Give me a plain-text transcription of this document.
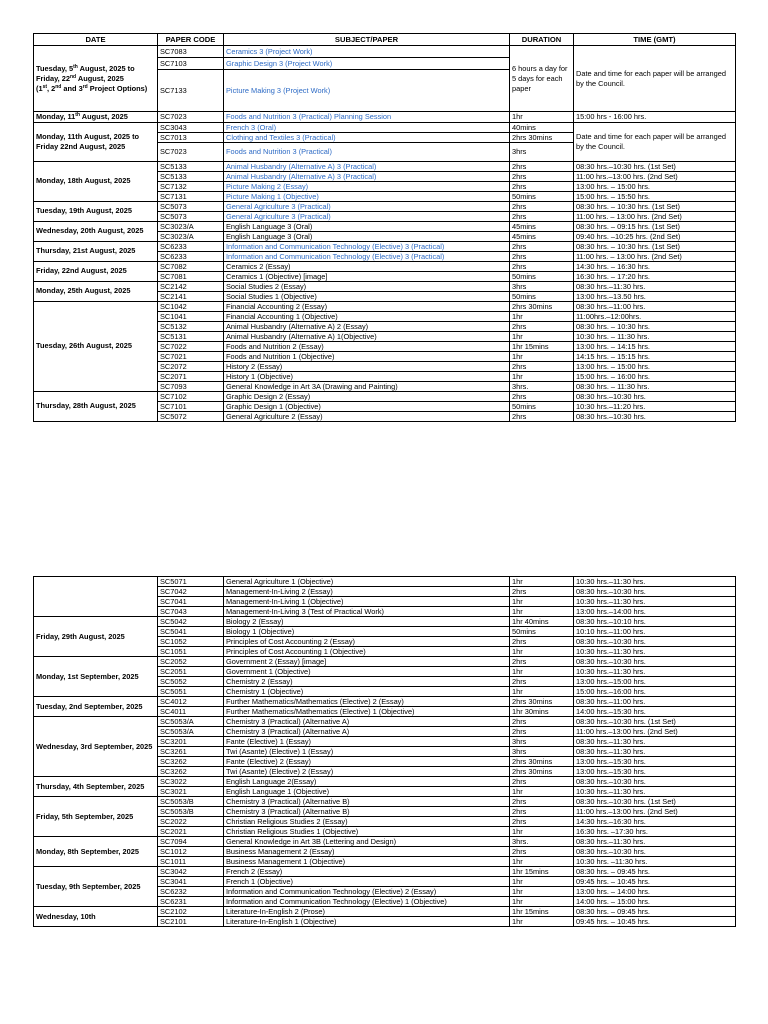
DATE	PAPER CODE	SUBJECT/PAPER	DURATION	TIME (GMT)
Tuesday, 5th August, 2025 to Friday, 22nd August, 2025
(1st, 2nd and 3rd Project Options)	SC7083	Ceramics 3 (Project Work)	6 hours a day for 5 days for each paper	Date and time for each paper will be arranged by the Council.
	SC7103	Graphic Design 3 (Project Work)		
	SC7133	Picture Making 3 (Project Work)		
Monday, 11th August, 2025	SC7023	Foods and Nutrition 3 (Practical) Planning Session	1hr	15:00 hrs - 16:00 hrs.
Monday, 11th August, 2025 to Friday 22nd August, 2025	SC3043	French 3 (Oral)	40mins	Date and time for each paper will be arranged by the Council.
	SC7013	Clothing and Textiles 3 (Practical)	2hrs 30mins	
	SC7023	Foods and Nutrition 3 (Practical)	3hrs	
Monday, 18th August, 2025	SC5133	Animal Husbandry (Alternative A) 3 (Practical)	2hrs	08:30 hrs.–10:30 hrs. (1st Set)
	SC5133	Animal Husbandry (Alternative A) 3 (Practical)	2hrs	11:00 hrs.–13:00 hrs. (2nd Set)
	SC7132	Picture Making 2 (Essay)	2hrs	13:00 hrs. – 15:00 hrs.
	SC7131	Picture Making 1 (Objective)	50mins	15:00 hrs. – 15:50 hrs.
Tuesday, 19th August, 2025	SC5073	General Agriculture 3 (Practical)	2hrs	08:30 hrs. – 10:30 hrs. (1st Set)
	SC5073	General Agriculture 3 (Practical)	2hrs	11:00 hrs. – 13:00 hrs. (2nd Set)
Wednesday, 20th August, 2025	SC3023/A	English Language 3 (Oral)	45mins	08:30 hrs. – 09:15 hrs. (1st Set)
	SC3023/A	English Language 3 (Oral)	45mins	09:40 hrs. –10:25 hrs. (2nd Set)
Thursday, 21st August, 2025	SC6233	Information and Communication Technology (Elective) 3 (Practical)	2hrs	08:30 hrs. – 10:30 hrs. (1st Set)
	SC6233	Information and Communication Technology (Elective) 3 (Practical)	2hrs	11:00 hrs. – 13:00 hrs. (2nd Set)
Friday, 22nd August, 2025	SC7082	Ceramics 2 (Essay)	2hrs	14:30 hrs. – 16:30 hrs.
	SC7081	Ceramics 1 (Objective) [image]	50mins	16:30 hrs. – 17:20 hrs.
Monday, 25th August, 2025	SC2142	Social Studies 2 (Essay)	3hrs	08:30 hrs.–11:30 hrs.
	SC2141	Social Studies 1 (Objective)	50mins	13:00 hrs.–13.50 hrs.
Tuesday, 26th August, 2025	SC1042	Financial Accounting 2 (Essay)	2hrs 30mins	08:30 hrs.–11:00 hrs.
	SC1041	Financial Accounting 1 (Objective)	1hr	11:00hrs.–12:00hrs.
	SC5132	Animal Husbandry (Alternative A) 2 (Essay)	2hrs	08:30 hrs. – 10:30 hrs.
	SC5131	Animal Husbandry (Alternative A) 1(Objective)	1hr	10:30 hrs. – 11:30 hrs.
	SC7022	Foods and Nutrition 2 (Essay)	1hr 15mins	13:00 hrs. – 14:15 hrs.
	SC7021	Foods and Nutrition 1 (Objective)	1hr	14:15 hrs. – 15:15 hrs.
	SC2072	History 2 (Essay)	2hrs	13:00 hrs. – 15:00 hrs.
	SC2071	History 1 (Objective)	1hr	15:00 hrs. – 16:00 hrs.
	SC7093	General Knowledge in Art 3A (Drawing and Painting)	3hrs.	08:30 hrs. – 11:30 hrs.
Thursday, 28th August, 2025	SC7102	Graphic Design 2 (Essay)	2hrs	08:30 hrs.–10:30 hrs.
	SC7101	Graphic Design 1 (Objective)	50mins	10:30 hrs.–11:20 hrs.
	SC5072	General Agriculture 2 (Essay)	2hrs	08:30 hrs.–10:30 hrs.
	SC5071	General Agriculture 1 (Objective)	1hr	10:30 hrs.–11:30 hrs.
	SC7042	Management-In-Living 2 (Essay)	2hrs	08:30 hrs.–10:30 hrs.
	SC7041	Management-In-Living 1 (Objective)	1hr	10:30 hrs.–11:30 hrs.
	SC7043	Management-In-Living 3 (Test of Practical Work)	1hr	13:00 hrs.–14:00 hrs.
Friday, 29th August, 2025	SC5042	Biology 2 (Essay)	1hr 40mins	08:30 hrs.–10:10 hrs.
	SC5041	Biology 1 (Objective)	50mins	10:10 hrs.–11:00 hrs.
	SC1052	Principles of Cost Accounting 2 (Essay)	2hrs	08:30 hrs.–10:30 hrs.
	SC1051	Principles of Cost Accounting 1 (Objective)	1hr	10:30 hrs.–11:30 hrs.
Monday, 1st September, 2025	SC2052	Government 2 (Essay) [image]	2hrs	08:30 hrs.–10:30 hrs.
	SC2051	Government 1 (Objective)	1hr	10:30 hrs.–11:30 hrs.
	SC5052	Chemistry 2 (Essay)	2hrs	13:00 hrs.–15:00 hrs.
	SC5051	Chemistry 1 (Objective)	1hr	15:00 hrs.–16:00 hrs.
Tuesday, 2nd September, 2025	SC4012	Further Mathematics/Mathematics (Elective) 2 (Essay)	2hrs 30mins	08:30 hrs.–11:00 hrs.
	SC4011	Further Mathematics/Mathematics (Elective) 1 (Objective)	1hr 30mins	14:00 hrs.–15:30 hrs.
Wednesday, 3rd September, 2025	SC5053/A	Chemistry 3 (Practical) (Alternative A)	2hrs	08:30 hrs.–10:30 hrs. (1st Set)
	SC5053/A	Chemistry 3 (Practical) (Alternative A)	2hrs	11:00 hrs.–13:00 hrs. (2nd Set)
	SC3201	Fante (Elective) 1 (Essay)	3hrs	08:30 hrs.–11:30 hrs.
	SC3261	Twi (Asante) (Elective) 1 (Essay)	3hrs	08:30 hrs.–11:30 hrs.
	SC3262	Fante (Elective) 2 (Essay)	2hrs 30mins	13:00 hrs.–15:30 hrs.
	SC3262	Twi (Asante) (Elective) 2 (Essay)	2hrs 30mins	13:00 hrs.–15:30 hrs.
Thursday, 4th September, 2025	SC3022	English Language 2(Essay)	2hrs	08:30 hrs.–10:30 hrs.
	SC3021	English Language 1 (Objective)	1hr	10:30 hrs.–11:30 hrs.
Friday, 5th September, 2025	SC5053/B	Chemistry 3 (Practical) (Alternative B)	2hrs	08:30 hrs.–10:30 hrs. (1st Set)
	SC5053/B	Chemistry 3 (Practical) (Alternative B)	2hrs	11:00 hrs.–13:00 hrs. (2nd Set)
	SC2022	Christian Religious Studies 2 (Essay)	2hrs	14:30 hrs.–16:30 hrs.
	SC2021	Christian Religious Studies 1 (Objective)	1hr	16:30 hrs. –17:30 hrs.
Monday, 8th September, 2025	SC7094	General Knowledge in Art 3B (Lettering and Design)	3hrs.	08:30 hrs.–11:30 hrs.
	SC1012	Business Management 2 (Essay)	2hrs	08:30 hrs.–10:30 hrs.
	SC1011	Business Management 1 (Objective)	1hr	10:30 hrs. –11:30 hrs.
Tuesday, 9th September, 2025	SC3042	French 2 (Essay)	1hr 15mins	08:30 hrs. – 09:45 hrs.
	SC3041	French 1 (Objective)	1hr	09:45 hrs. – 10:45 hrs.
	SC6232	Information and Communication Technology (Elective) 2 (Essay)	1hr	13:00 hrs. – 14:00 hrs.
	SC6231	Information and Communication Technology (Elective) 1 (Objective)	1hr	14:00 hrs. – 15:00 hrs.
Wednesday, 10th	SC2102	Literature-In-English 2 (Prose)	1hr 15mins	08:30 hrs. – 09:45 hrs.
	SC2101	Literature-In-English 1 (Objective)	1hr	09:45 hrs. – 10:45 hrs.
